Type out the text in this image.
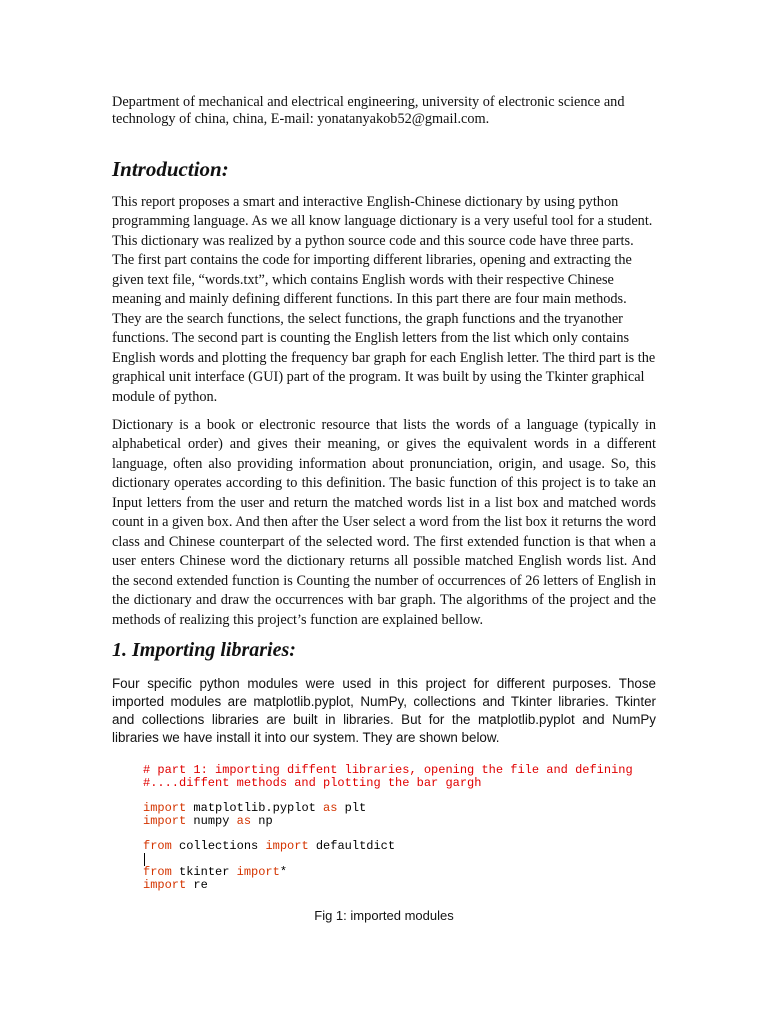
Department of mechanical and electrical engineering, university of electronic science and technology of china, china, E-mail: yonatanyakob52@gmail.com.
Introduction:

This report proposes a smart and interactive English-Chinese dictionary by using python programming language. As we all know language dictionary is a very useful tool for a student. This dictionary was realized by a python source code and this source code have three parts. The first part contains the code for importing different libraries, opening and extracting the given text file, “words.txt”, which contains English words with their respective Chinese meaning and mainly defining different functions. In this part there are four main methods. They are the search functions, the select functions, the graph functions and the tryanother functions. The second part is counting the English letters from the list which only contains English words and plotting the frequency bar graph for each English letter. The third part is the graphical unit interface (GUI) part of the program. It was built by using the Tkinter graphical module of python.

Dictionary is a book or electronic resource that lists the words of a language (typically in alphabetical order) and gives their meaning, or gives the equivalent words in a different language, often also providing information about pronunciation, origin, and usage. So, this dictionary operates according to this definition. The basic function of this project is to take an Input letters from the user and return the matched words list in a list box and matched words count in a given box. And then after the User select a word from the list box it returns the word class and Chinese counterpart of the selected word. The first extended function is that when a user enters Chinese word the dictionary returns all possible matched English words list. And the second extended function is Counting the number of occurrences of 26 letters of English in the dictionary and draw the occurrences with bar graph. The algorithms of the project and the methods of realizing this project’s function are explained bellow.

1. Importing libraries:

Four specific python modules were used in this project for different purposes. Those imported modules are matplotlib.pyplot, NumPy, collections and Tkinter libraries. Tkinter and collections libraries are built in libraries. But for the matplotlib.pyplot and NumPy libraries we have install it into our system. They are shown below.

# part 1: importing diffent libraries, opening the file and defining
#....diffent methods and plotting the bar gargh
import matplotlib.pyplot as plt
import numpy as np
from collections import defaultdict
from tkinter import*
import re
Fig 1: imported modules
